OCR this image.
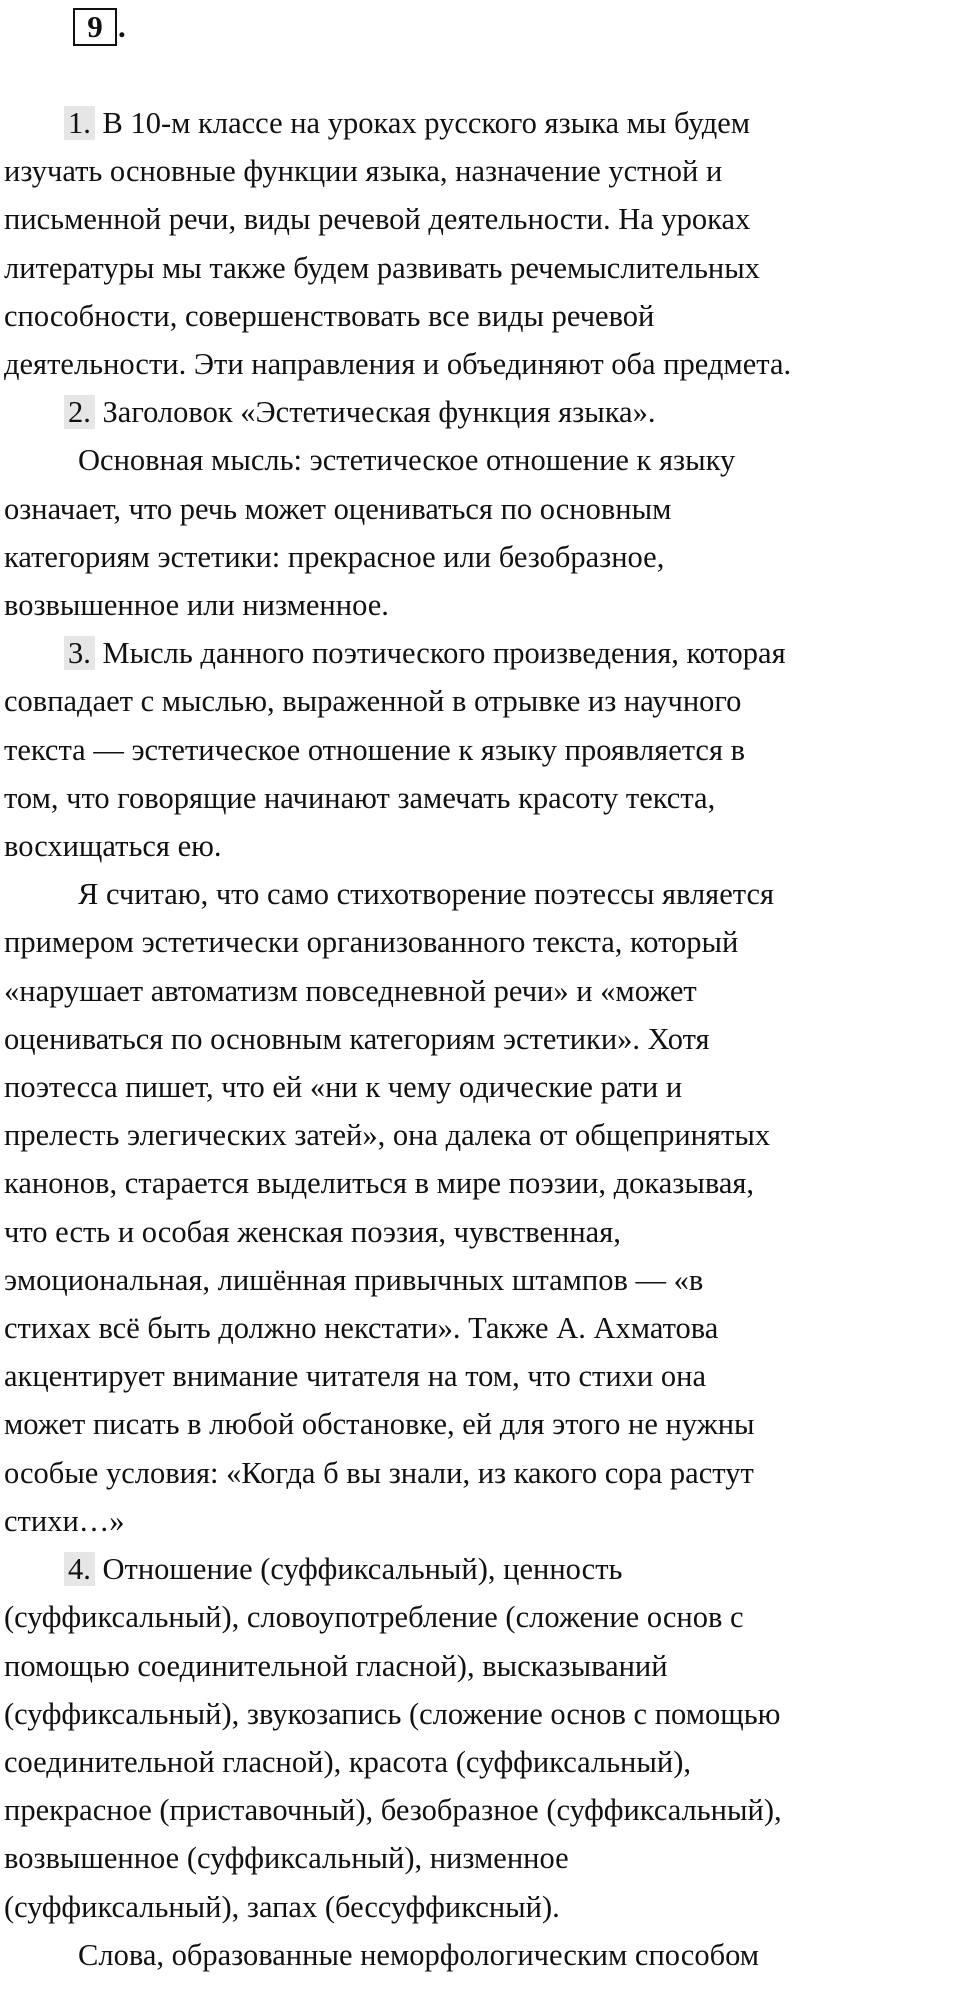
9 .
1. В 10-м классе на уроках русского языка мы будем
изучать основные функции языка, назначение устной и
письменной речи, виды речевой деятельности. На уроках
литературы мы также будем развивать речемыслительных
способности, совершенствовать все виды речевой
деятельности. Эти направления и объединяют оба предмета.
2. Заголовок «Эстетическая функция языка».
Основная мысль: эстетическое отношение к языку
означает, что речь может оцениваться по основным
категориям эстетики: прекрасное или безобразное,
возвышенное или низменное.
3. Мысль данного поэтического произведения, которая
совпадает с мыслью, выраженной в отрывке из научного
текста — эстетическое отношение к языку проявляется в
том, что говорящие начинают замечать красоту текста,
восхищаться ею.
Я считаю, что само стихотворение поэтессы является
примером эстетически организованного текста, который
«нарушает автоматизм повседневной речи» и «может
оцениваться по основным категориям эстетики». Хотя
поэтесса пишет, что ей «ни к чему одические рати и
прелесть элегических затей», она далека от общепринятых
канонов, старается выделиться в мире поэзии, доказывая,
что есть и особая женская поэзия, чувственная,
эмоциональная, лишённая привычных штампов — «в
стихах всё быть должно некстати». Также А. Ахматова
акцентирует внимание читателя на том, что стихи она
может писать в любой обстановке, ей для этого не нужны
особые условия: «Когда б вы знали, из какого сора растут
стихи…»
4. Отношение (суффиксальный), ценность
(суффиксальный), словоупотребление (сложение основ с
помощью соединительной гласной), высказываний
(суффиксальный), звукозапись (сложение основ с помощью
соединительной гласной), красота (суффиксальный),
прекрасное (приставочный), безобразное (суффиксальный),
возвышенное (суффиксальный), низменное
(суффиксальный), запах (бессуффиксный).
Слова, образованные неморфологическим способом
